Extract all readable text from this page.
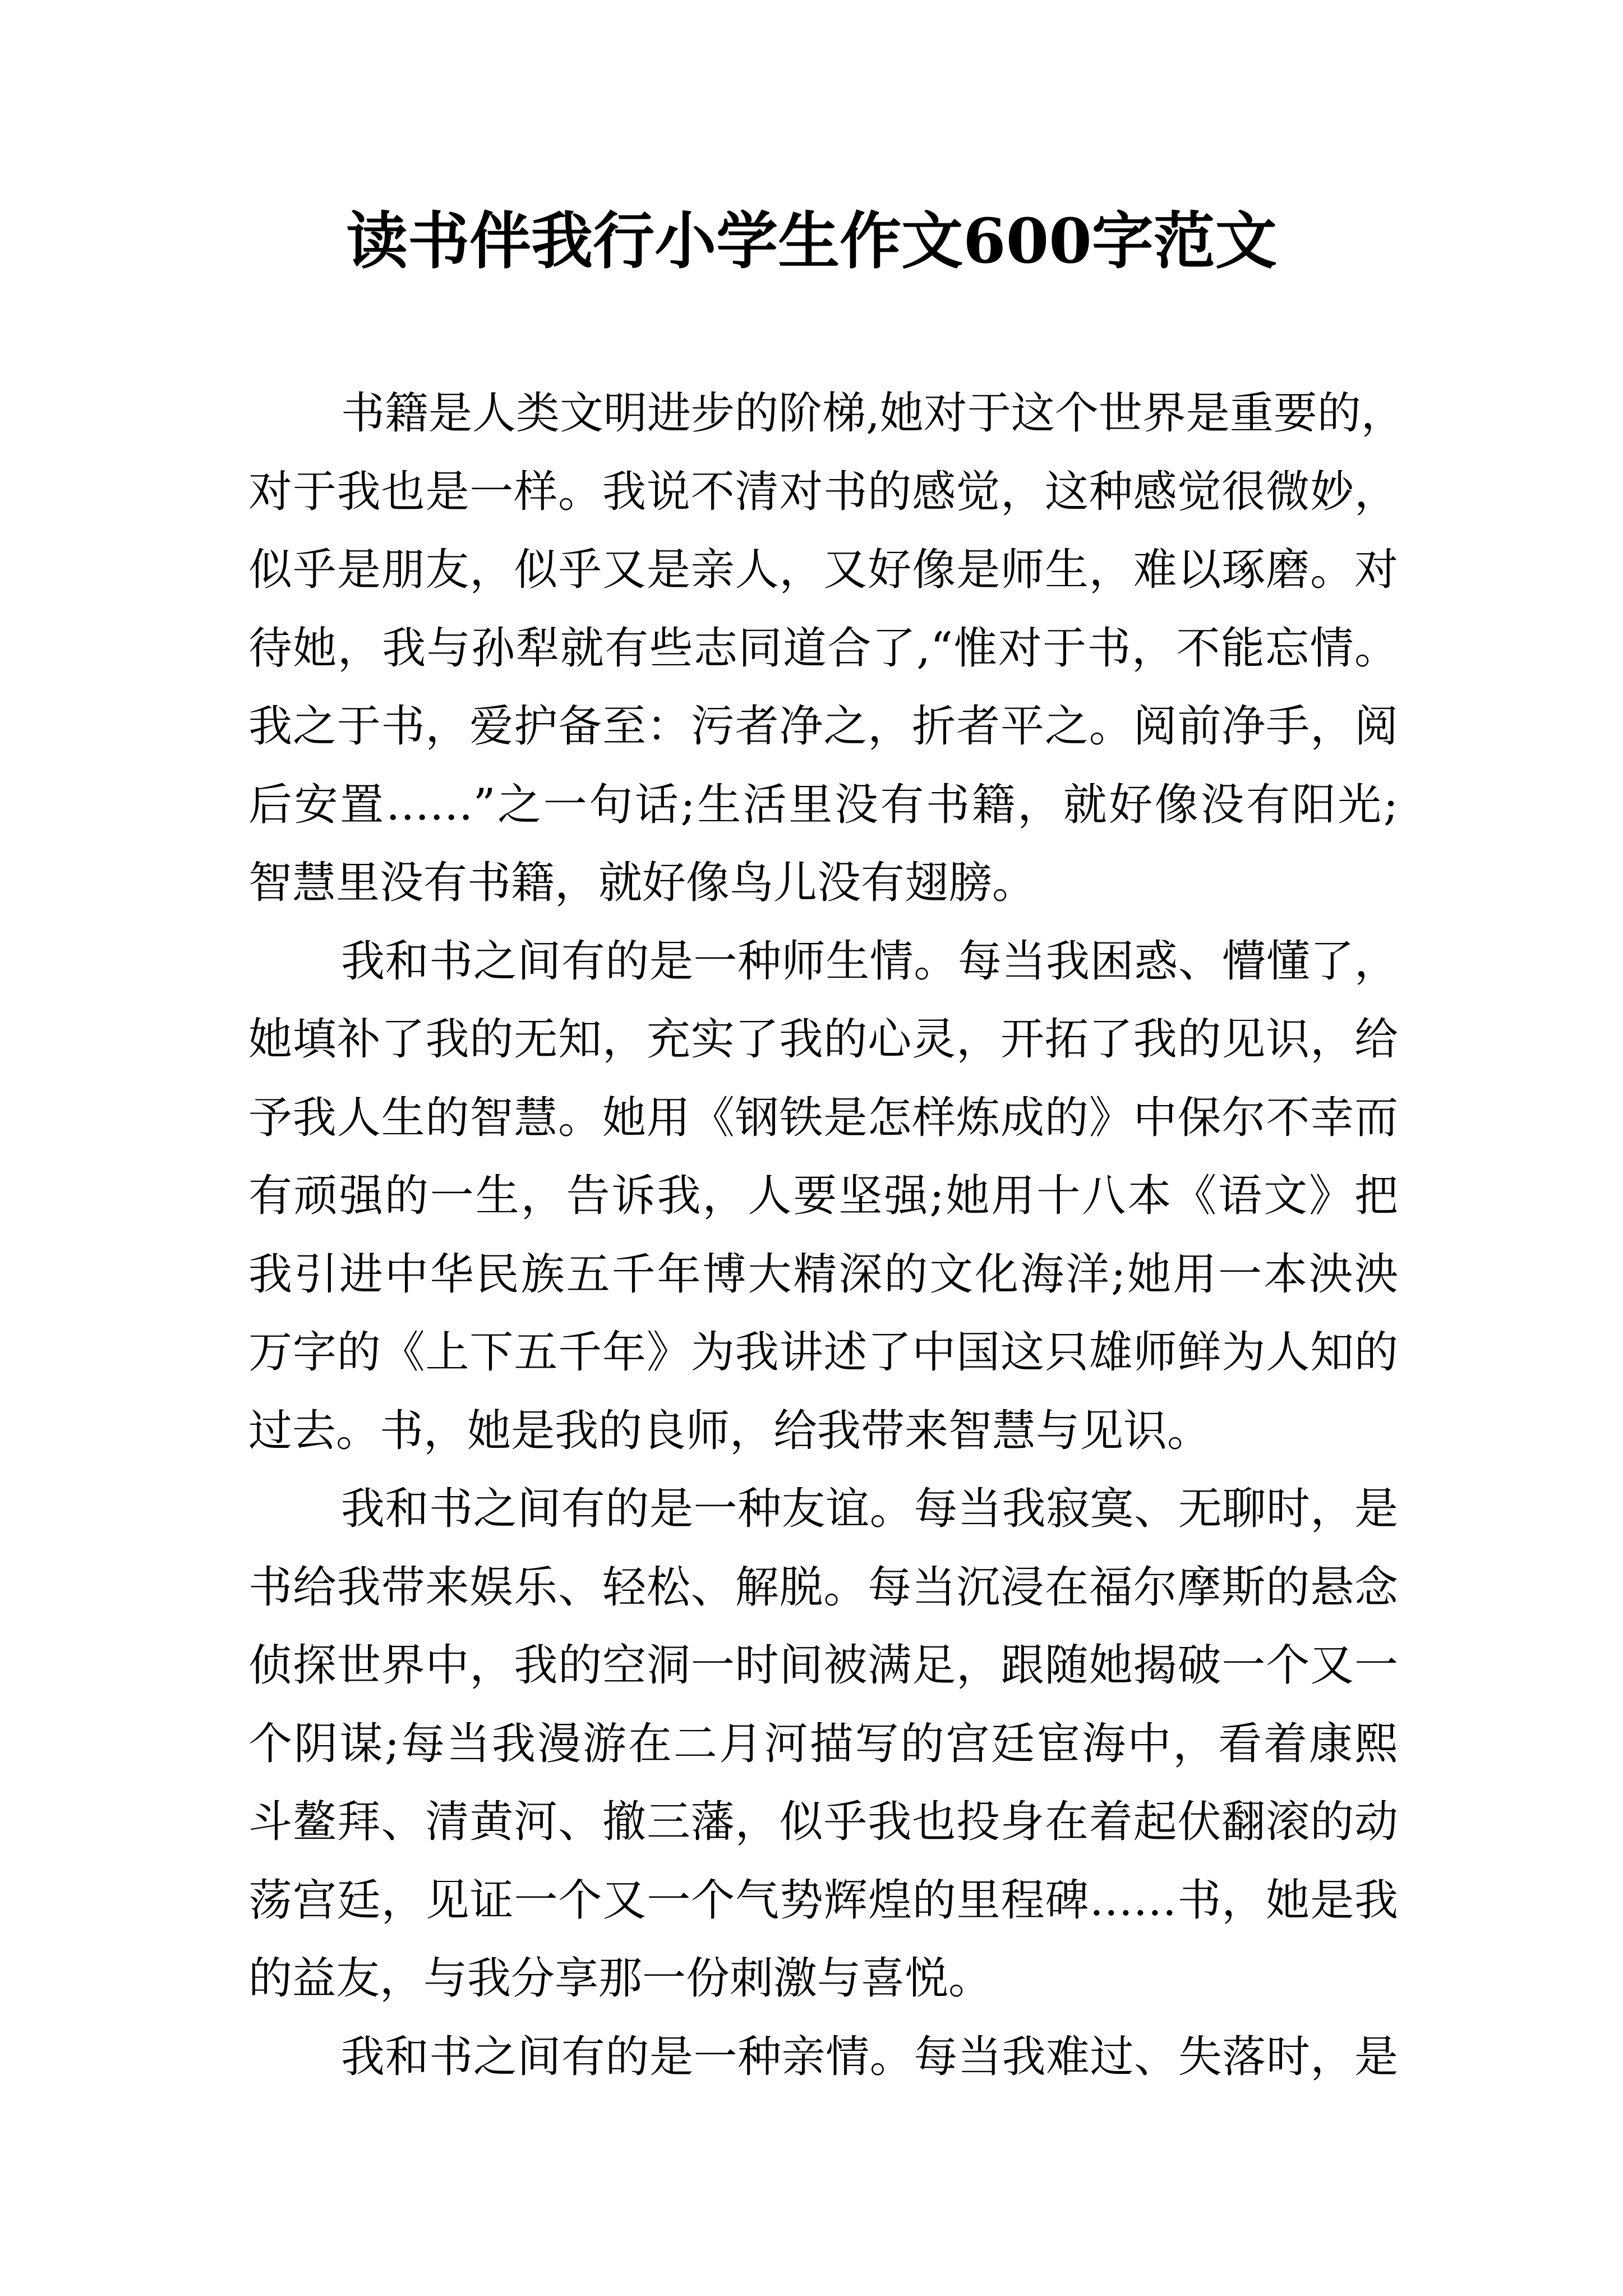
读书伴我行小学生作文600字范文
书籍是人类文明进步的阶梯,她对于这个世界是重要的，
对于我也是一样。我说不清对书的感觉，这种感觉很微妙，
似乎是朋友，似乎又是亲人，又好像是师生，难以琢磨。对
待她，我与孙犁就有些志同道合了,“惟对于书，不能忘情。
我之于书，爱护备至：污者净之，折者平之。阅前净手，阅
后安置……”之一句话;生活里没有书籍，就好像没有阳光;
智慧里没有书籍，就好像鸟儿没有翅膀。
我和书之间有的是一种师生情。每当我困惑、懵懂了，
她填补了我的无知，充实了我的心灵，开拓了我的见识，给
予我人生的智慧。她用《钢铁是怎样炼成的》中保尔不幸而
有顽强的一生，告诉我，人要坚强;她用十八本《语文》把
我引进中华民族五千年博大精深的文化海洋;她用一本泱泱
万字的《上下五千年》为我讲述了中国这只雄师鲜为人知的
过去。书，她是我的良师，给我带来智慧与见识。
我和书之间有的是一种友谊。每当我寂寞、无聊时，是
书给我带来娱乐、轻松、解脱。每当沉浸在福尔摩斯的悬念
侦探世界中，我的空洞一时间被满足，跟随她揭破一个又一
个阴谋;每当我漫游在二月河描写的宫廷宦海中，看着康熙
斗鳌拜、清黄河、撤三藩，似乎我也投身在着起伏翻滚的动
荡宫廷，见证一个又一个气势辉煌的里程碑……书，她是我
的益友，与我分享那一份刺激与喜悦。
我和书之间有的是一种亲情。每当我难过、失落时，是
